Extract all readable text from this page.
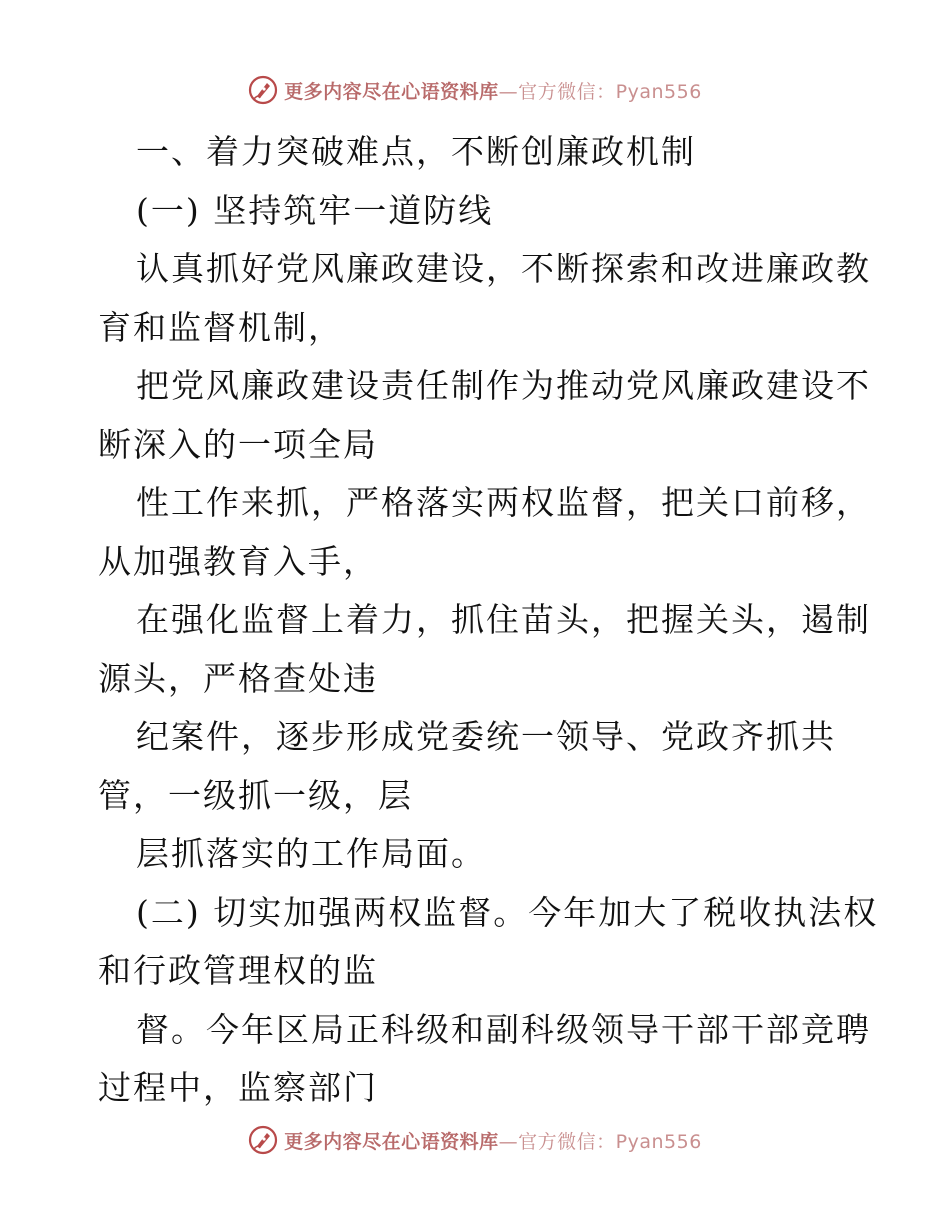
更多内容尽在心语资料库—官方微信：Pyan556
一、着力突破难点，不断创廉政机制
(一) 坚持筑牢一道防线
认真抓好党风廉政建设，不断探索和改进廉政教
育和监督机制，
把党风廉政建设责任制作为推动党风廉政建设不
断深入的一项全局
性工作来抓，严格落实两权监督，把关口前移，
从加强教育入手，
在强化监督上着力，抓住苗头，把握关头，遏制
源头，严格查处违
纪案件，逐步形成党委统一领导、党政齐抓共
管，一级抓一级，层
层抓落实的工作局面。
(二) 切实加强两权监督。今年加大了税收执法权
和行政管理权的监
督。今年区局正科级和副科级领导干部干部竞聘
过程中，监察部门
更多内容尽在心语资料库—官方微信：Pyan556
